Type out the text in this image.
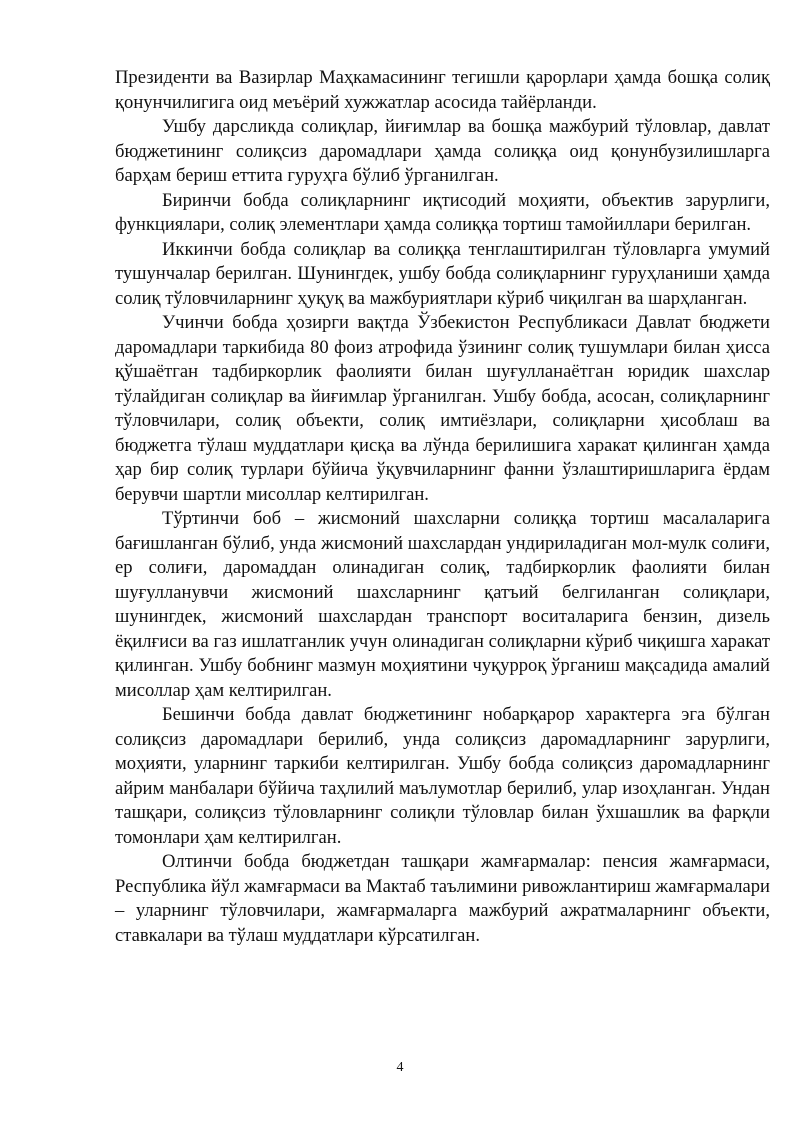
Президенти ва Вазирлар Маҳкамасининг тегишли қарорлари ҳамда бошқа солиқ қонунчилигига оид меъёрий хужжатлар асосида тайёрланди.

Ушбу дарсликда солиқлар, йиғимлар ва бошқа мажбурий тўловлар, давлат бюджетининг солиқсиз даромадлари ҳамда солиққа оид қонунбузилишларга барҳам бериш еттита гуруҳга бўлиб ўрганилган.

Биринчи бобда солиқларнинг иқтисодий моҳияти, объектив зарурлиги, функциялари, солиқ элементлари ҳамда солиққа тортиш тамойиллари берилган.

Иккинчи бобда солиқлар ва солиққа тенглаштирилган тўловларга умумий тушунчалар берилган. Шунингдек, ушбу бобда солиқларнинг гуруҳланиши ҳамда солиқ тўловчиларнинг ҳуқуқ ва мажбуриятлари кўриб чиқилган ва шарҳланган.

Учинчи бобда ҳозирги вақтда Ўзбекистон Республикаси Давлат бюджети даромадлари таркибида 80 фоиз атрофида ўзининг солиқ тушумлари билан ҳисса қўшаётган тадбиркорлик фаолияти билан шуғулланаётган юридик шахслар тўлайдиган солиқлар ва йиғимлар ўрганилган. Ушбу бобда, асосан, солиқларнинг тўловчилари, солиқ объекти, солиқ имтиёзлари, солиқларни ҳисоблаш ва бюджетга тўлаш муддатлари қисқа ва лўнда берилишига харакат қилинган ҳамда ҳар бир солиқ турлари бўйича ўқувчиларнинг фанни ўзлаштиришларига ёрдам берувчи шартли мисоллар келтирилган.

Тўртинчи боб – жисмоний шахсларни солиққа тортиш масалаларига бағишланган бўлиб, унда жисмоний шахслардан ундириладиган мол-мулк солиғи, ер солиғи, даромаддан олинадиган солиқ, тадбиркорлик фаолияти билан шуғулланувчи жисмоний шахсларнинг қатъий белгиланган солиқлари, шунингдек, жисмоний шахслардан транспорт воситаларига бензин, дизель ёқилғиси ва газ ишлатганлик учун олинадиган солиқларни кўриб чиқишга харакат қилинган. Ушбу бобнинг мазмун моҳиятини чуқурроқ ўрганиш мақсадида амалий мисоллар ҳам келтирилган.

Бешинчи бобда давлат бюджетининг нобарқарор характерга эга бўлган солиқсиз даромадлари берилиб, унда солиқсиз даромадларнинг зарурлиги, моҳияти, уларнинг таркиби келтирилган. Ушбу бобда солиқсиз даромадларнинг айрим манбалари бўйича таҳлилий маълумотлар берилиб, улар изоҳланган. Ундан ташқари, солиқсиз тўловларнинг солиқли тўловлар билан ўхшашлик ва фарқли томонлари ҳам келтирилган.

Олтинчи бобда бюджетдан ташқари жамғармалар: пенсия жамғармаси, Республика йўл жамғармаси ва Мактаб таълимини ривожлантириш жамғармалари – уларнинг тўловчилари, жамғармаларга мажбурий ажратмаларнинг объекти, ставкалари ва тўлаш муддатлари кўрсатилган.

4
